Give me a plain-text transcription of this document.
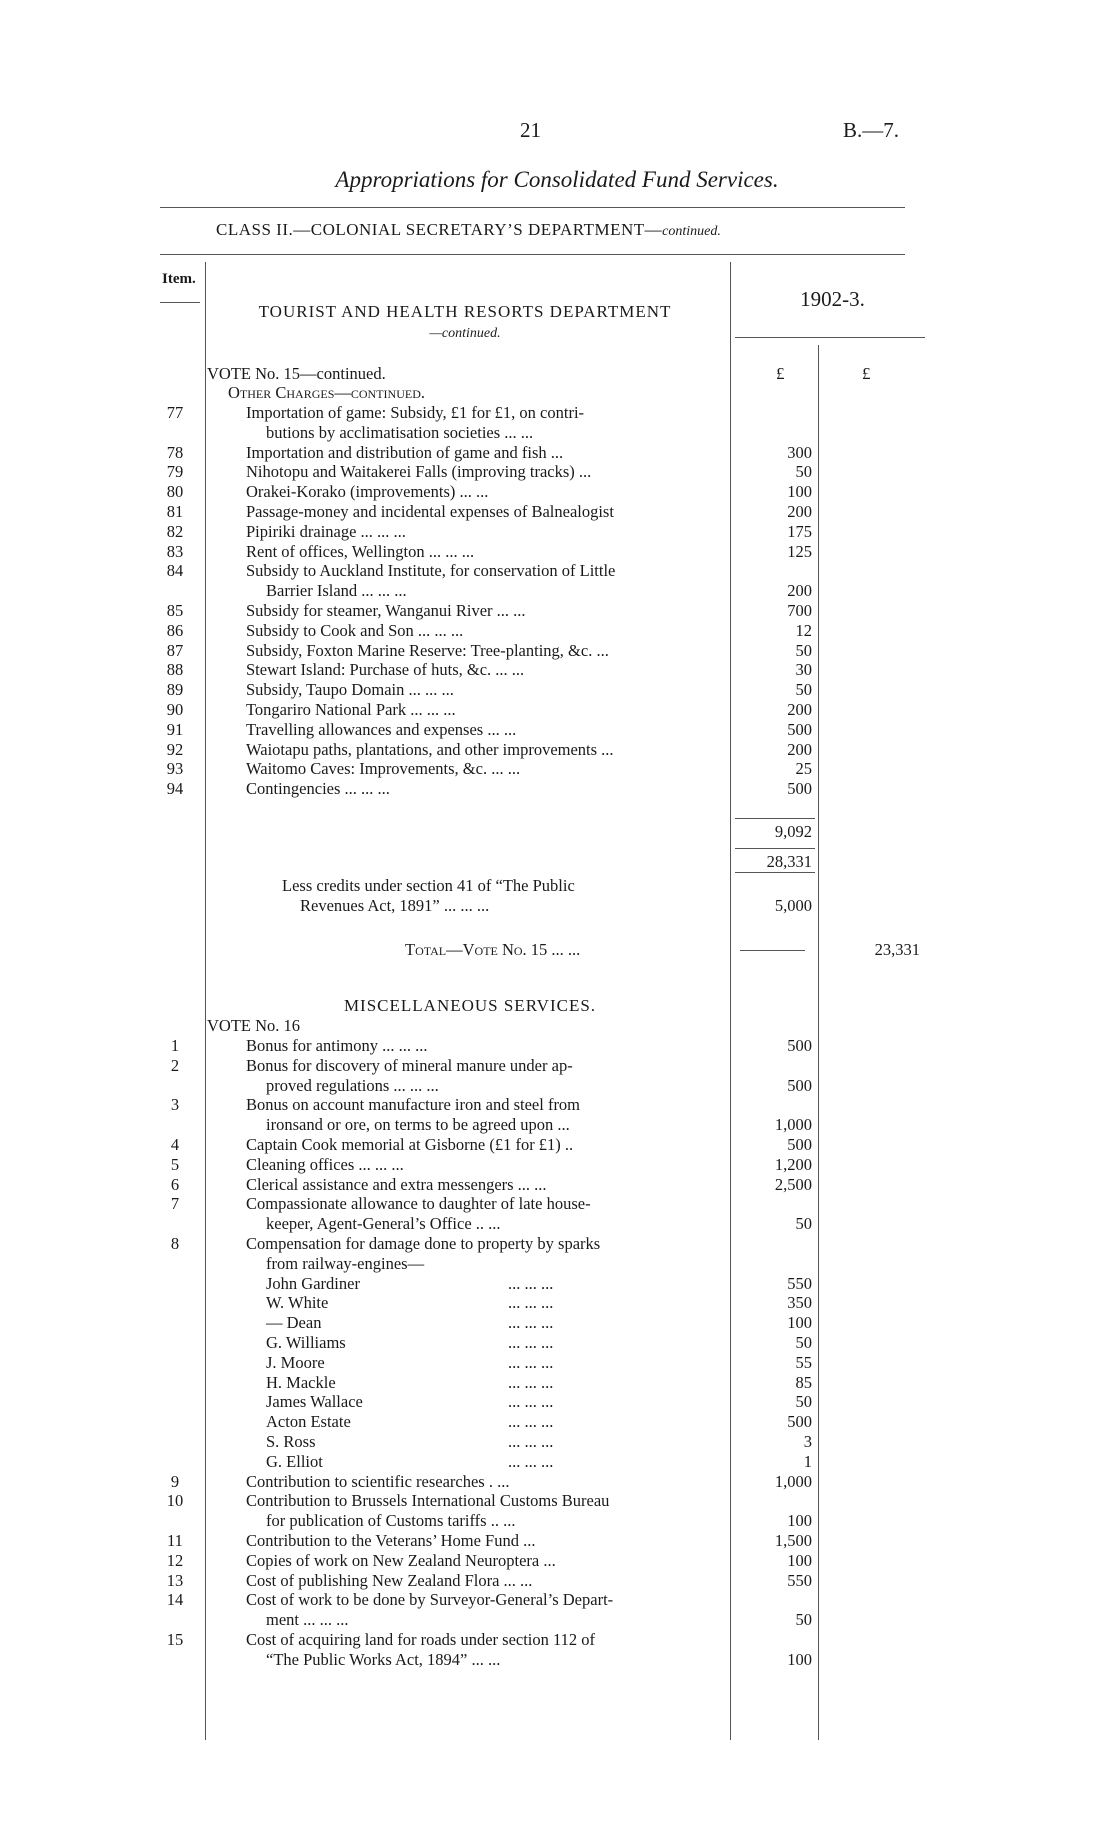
21	B.—7.
Appropriations for Consolidated Fund Services.
CLASS II.—COLONIAL SECRETARY’S DEPARTMENT—continued.
Item.
1902-3.
TOURIST AND HEALTH RESORTS DEPARTMENT
—continued.
£	£
VOTE No. 15—continued.
Other Charges—continued.
77	Importation of game: Subsidy, £1 for £1, on contri-
butions by acclimatisation societies ... ...
78	Importation and distribution of game and fish ...	300
79	Nihotopu and Waitakerei Falls (improving tracks) ...	50
80	Orakei-Korako (improvements) ... ...	100
81	Passage-money and incidental expenses of Balnealogist	200
82	Pipiriki drainage ... ... ...	175
83	Rent of offices, Wellington ... ... ...	125
84	Subsidy to Auckland Institute, for conservation of Little
Barrier Island ... ... ...	200
85	Subsidy for steamer, Wanganui River ... ...	700
86	Subsidy to Cook and Son ... ... ...	12
87	Subsidy, Foxton Marine Reserve: Tree-planting, &c. ...	50
88	Stewart Island: Purchase of huts, &c. ... ...	30
89	Subsidy, Taupo Domain ... ... ...	50
90	Tongariro National Park ... ... ...	200
91	Travelling allowances and expenses ... ...	500
92	Waiotapu paths, plantations, and other improvements ...	200
93	Waitomo Caves: Improvements, &c. ... ...	25
94	Contingencies ... ... ...	500
9,092
28,331
Less credits under section 41 of “The Public
Revenues Act, 1891” ... ... ...	5,000
Total—Vote No. 15 ... ...	23,331
MISCELLANEOUS SERVICES.
VOTE No. 16
1	Bonus for antimony ... ... ...	500
2	Bonus for discovery of mineral manure under ap-
proved regulations ... ... ...	500
3	Bonus on account manufacture iron and steel from
ironsand or ore, on terms to be agreed upon ...	1,000
4	Captain Cook memorial at Gisborne (£1 for £1) ..	500
5	Cleaning offices ... ... ...	1,200
6	Clerical assistance and extra messengers ... ...	2,500
7	Compassionate allowance to daughter of late house-
keeper, Agent-General’s Office .. ...	50
8	Compensation for damage done to property by sparks
from railway-engines—
John Gardiner	... ... ...	550
W. White	... ... ...	350
— Dean	... ... ...	100
G. Williams	... ... ...	50
J. Moore	... ... ...	55
H. Mackle	... ... ...	85
James Wallace	... ... ...	50
Acton Estate	... ... ...	500
S. Ross	... ... ...	3
G. Elliot	... ... ...	1
9	Contribution to scientific researches . ...	1,000
10	Contribution to Brussels International Customs Bureau
for publication of Customs tariffs .. ...	100
11	Contribution to the Veterans’ Home Fund ...	1,500
12	Copies of work on New Zealand Neuroptera ...	100
13	Cost of publishing New Zealand Flora ... ...	550
14	Cost of work to be done by Surveyor-General’s Depart-
ment ... ... ...	50
15	Cost of acquiring land for roads under section 112 of
“The Public Works Act, 1894” ... ...	100
